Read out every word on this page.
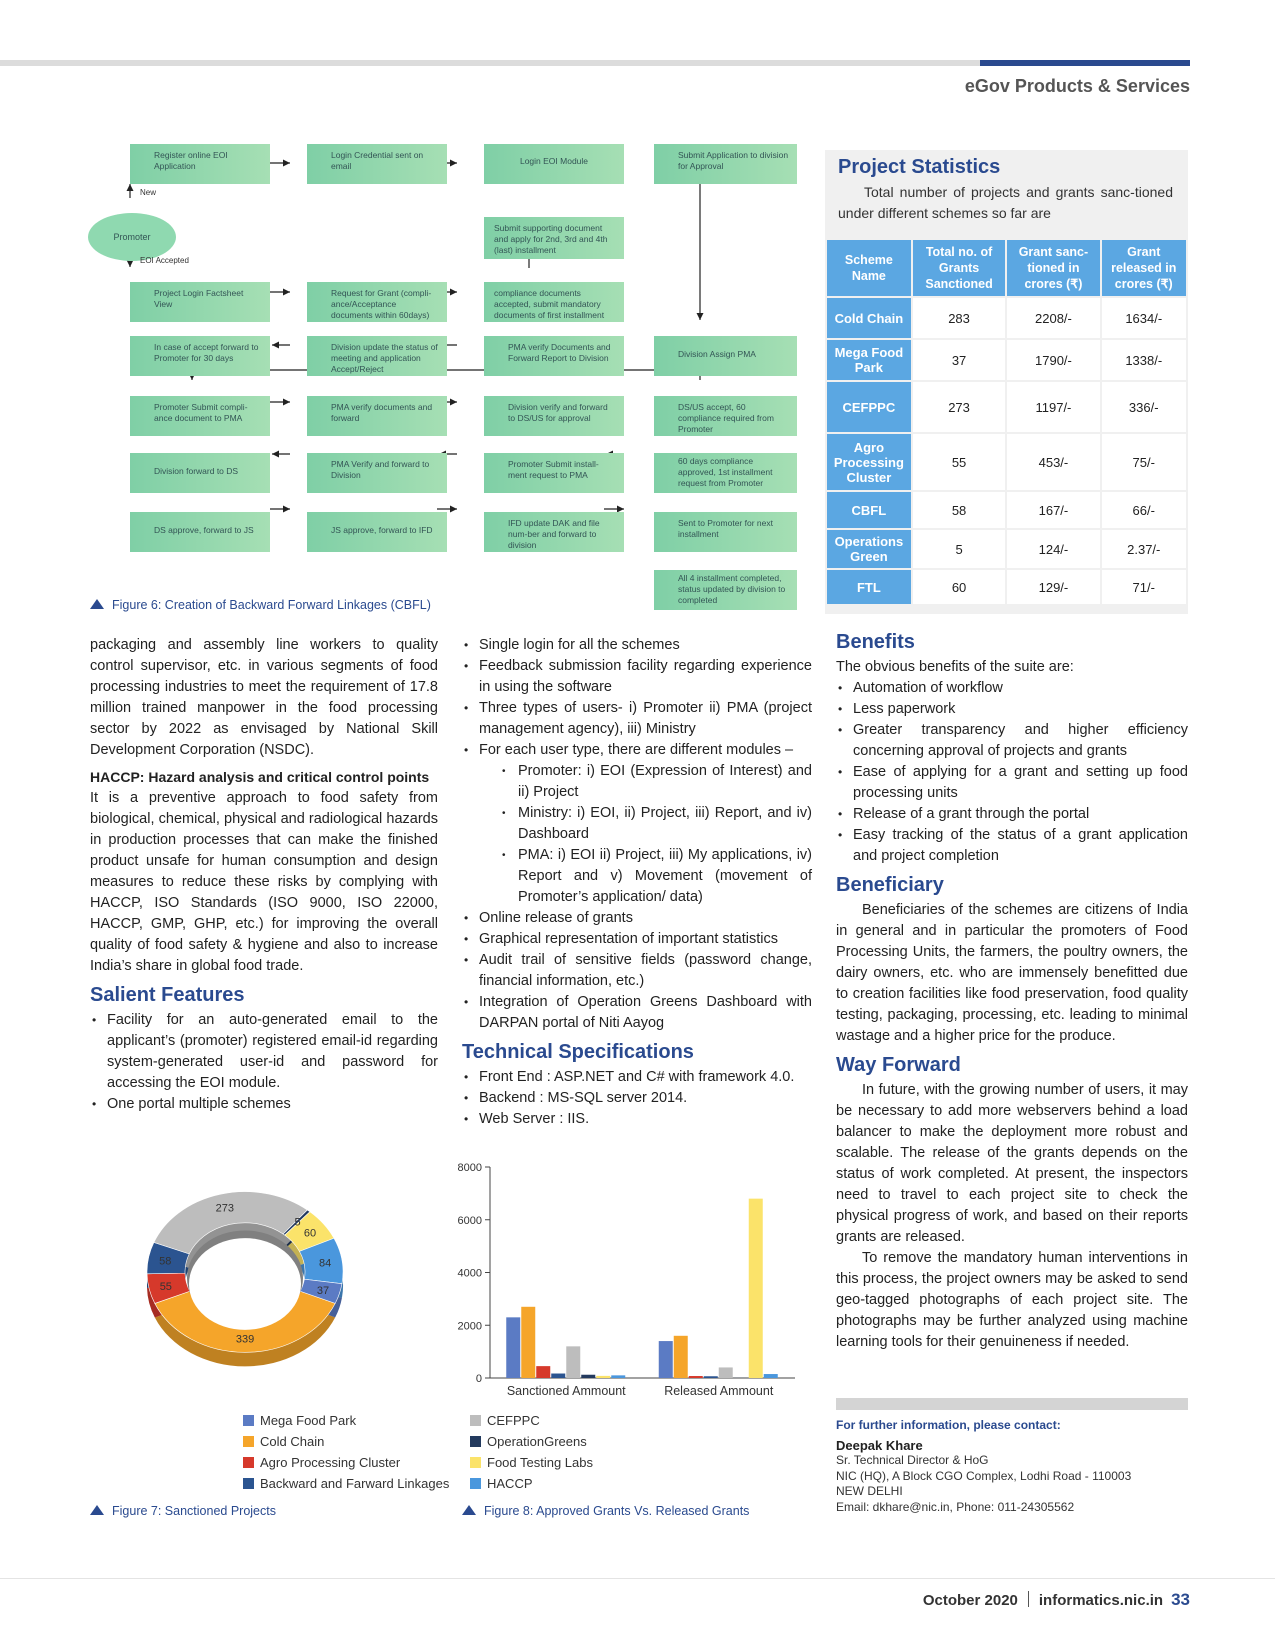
eGov Products & Services
Promoter
New
EOI Accepted
Register online EOI Application
Login Credential sent on email	Login EOI Module
Submit Application to division for Approval
Submit supporting document and apply for 2nd, 3rd and 4th (last) installment
Project Login Factsheet View
Request for Grant (compli-ance/Acceptance documents within 60days)
compliance documents accepted, submit mandatory documents of first installment
In case of accept forward to Promoter for 30 days
Division update the status of meeting and application Accept/Reject
PMA verify Documents and Forward Report to Division	Division Assign PMA
Promoter Submit compli-ance document to PMA
PMA verify documents and forward
Division verify and forward to DS/US for approval
DS/US accept, 60 compliance required from Promoter
Division forward to DS
PMA Verify and forward to Division
Promoter Submit install-ment request to PMA
60 days compliance approved, 1st installment request from Promoter
DS approve, forward to JS	JS approve, forward to IFD
IFD update DAK and file num-ber and forward to division
Sent to Promoter for next installment
All 4 installment completed, status updated by division to completed
Figure 6: Creation of Backward Forward Linkages (CBFL)
Project Statistics
Total number of projects and grants sanc-tioned under different schemes so far are
Scheme Name	Total no. of Grants Sanctioned	Grant sanc-tioned in crores (₹)	Grant released in crores (₹)
Cold Chain	283	2208/-	1634/-
Mega Food Park	37	1790/-	1338/-
CEFPPC	273	1197/-	336/-
Agro Processing Cluster	55	453/-	75/-
CBFL	58	167/-	66/-
Operations Green	5	124/-	2.37/-
FTL	60	129/-	71/-

packaging and assembly line workers to quality control supervisor, etc. in various segments of food processing industries to meet the requirement of 17.8 million trained manpower in the food processing sector by 2022 as envisaged by National Skill Development Corporation (NSDC).

HACCP: Hazard analysis and critical control points

It is a preventive approach to food safety from biological, chemical, physical and radiological hazards in production processes that can make the finished product unsafe for human consumption and design measures to reduce these risks by complying with HACCP, ISO Standards (ISO 9000, ISO 22000, HACCP, GMP, GHP, etc.) for improving the overall quality of food safety & hygiene and also to increase India’s share in global food trade.

Salient Features
• Facility for an auto-generated email to the applicant’s (promoter) registered email-id regarding system-generated user-id and password for accessing the EOI module.
• One portal multiple schemes
• Single login for all the schemes
• Feedback submission facility regarding experience in using the software
• Three types of users- i) Promoter ii) PMA (project management agency), iii) Ministry
• For each user type, there are different modules –
• Promoter: i) EOI (Expression of Interest) and ii) Project
• Ministry: i) EOI, ii) Project, iii) Report, and iv) Dashboard
• PMA: i) EOI ii) Project, iii) My applications, iv) Report and v) Movement (movement of Promoter’s application/ data)
• Online release of grants
• Graphical representation of important statistics
• Audit trail of sensitive fields (password change, financial information, etc.)
• Integration of Operation Greens Dashboard with DARPAN portal of Niti Aayog
Technical Specifications
• Front End : ASP.NET and C# with framework 4.0.
• Backend : MS-SQL server 2014.
• Web Server : IIS.
Benefits

The obvious benefits of the suite are:

• Automation of workflow
• Less paperwork
• Greater transparency and higher efficiency concerning approval of projects and grants
• Ease of applying for a grant and setting up food processing units
• Release of a grant through the portal
• Easy tracking of the status of a grant application and project completion
Beneficiary

Beneficiaries of the schemes are citizens of India in general and in particular the promoters of Food Processing Units, the farmers, the poultry owners, the dairy owners, etc. who are immensely benefitted due to creation facilities like food preservation, food quality testing, packaging, processing, etc. leading to minimal wastage and a higher price for the produce.

Way Forward

In future, with the growing number of users, it may be necessary to add more webservers behind a load balancer to make the deployment more robust and scalable. The release of the grants depends on the status of work completed. At present, the inspectors need to travel to each project site to check the physical progress of work, and based on their reports grants are released.

To remove the mandatory human interventions in this process, the project owners may be asked to send geo-tagged photographs of each project site. The photographs may be further analyzed using machine learning tools for their genuineness if needed.

339
55
58
273
5
60
84
37
0
2000
4000
6000
8000
Sanctioned Ammount	Released Ammount
Mega Food Park
Cold Chain
Agro Processing Cluster
Backward and Farward Linkages
CEFPPC
OperationGreens
Food Testing Labs
HACCP
Figure 7: Sanctioned Projects	Figure 8: Approved Grants Vs. Released Grants
For further information, please contact:
Deepak Khare
Sr. Technical Director & HoG
NIC (HQ), A Block CGO Complex, Lodhi Road - 110003
NEW DELHI
Email: dkhare@nic.in, Phone: 011-24305562
October 2020 informatics.nic.in 33
